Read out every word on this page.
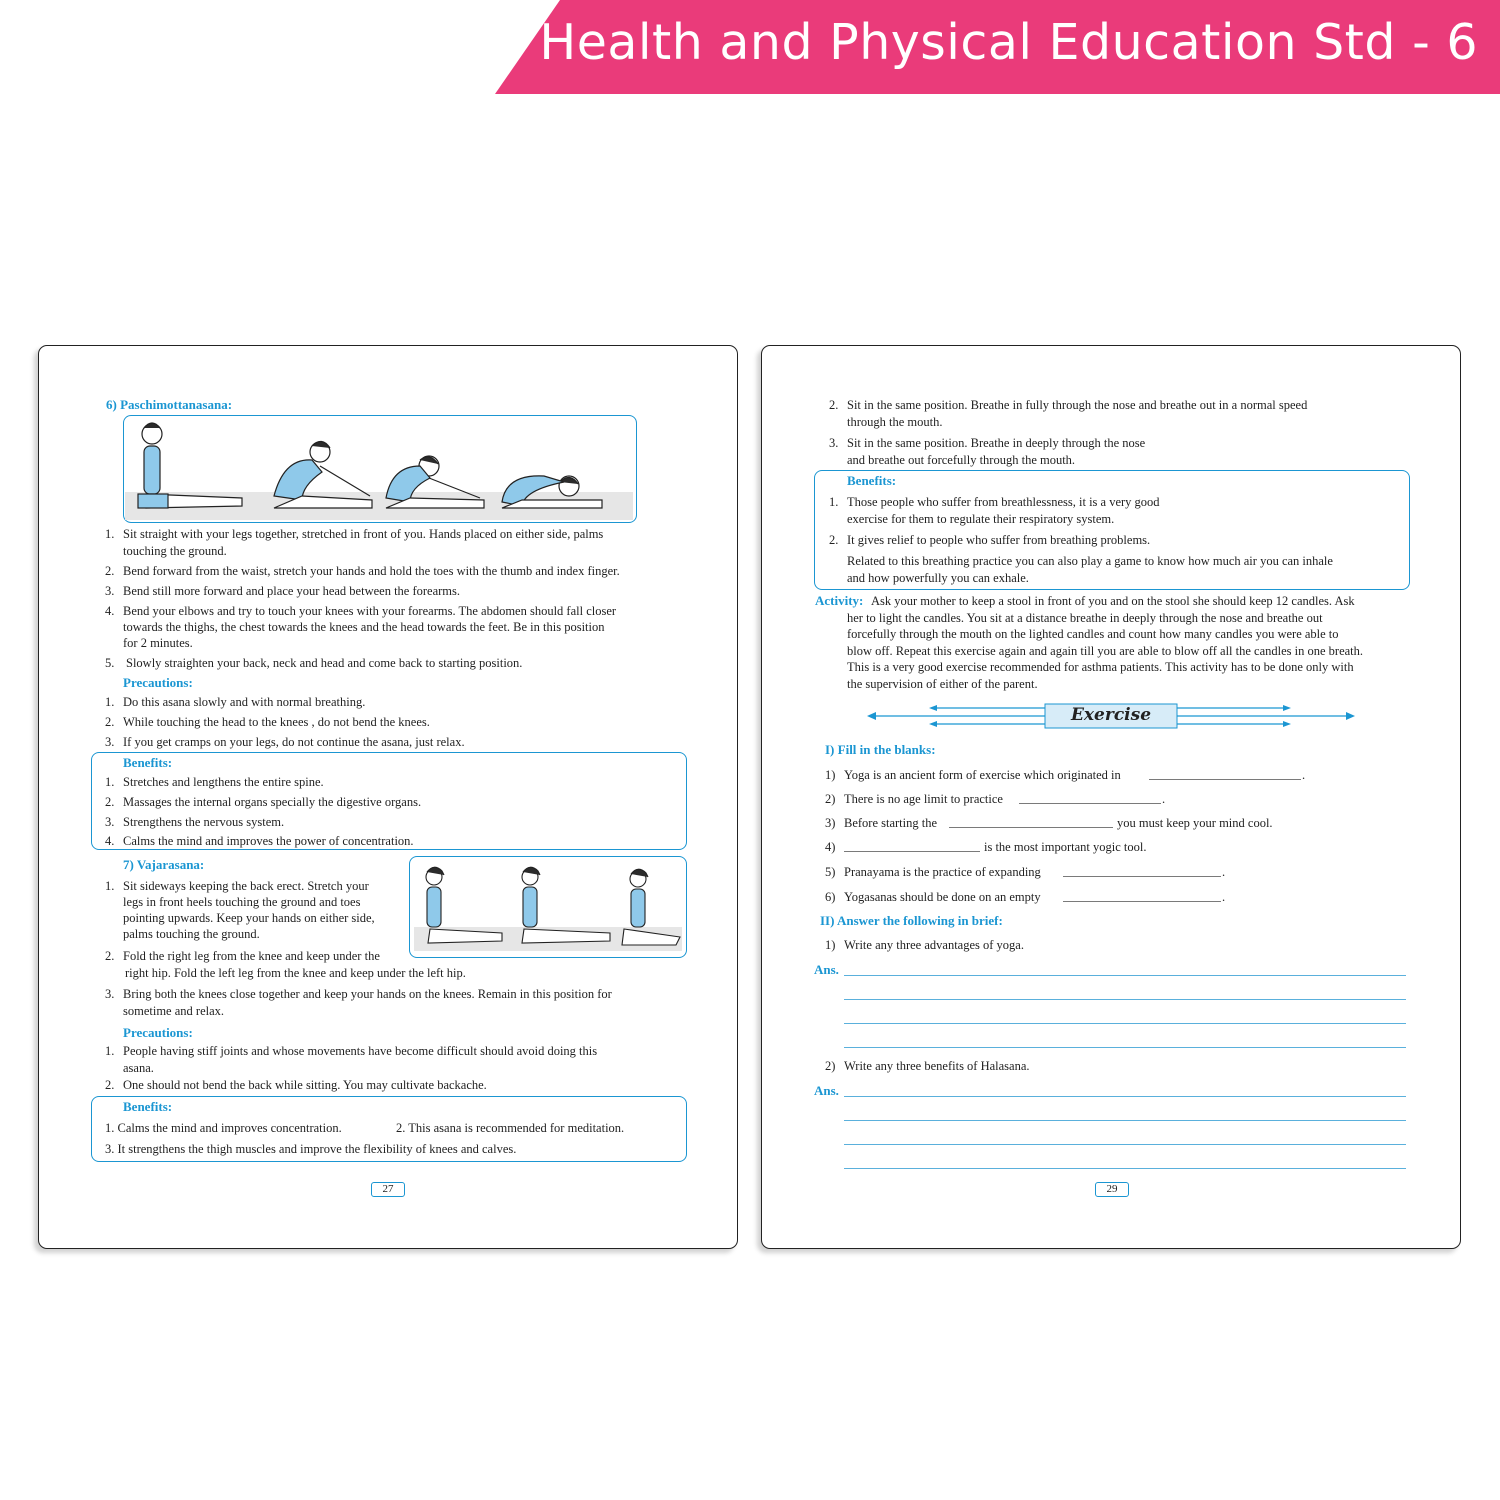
Health and Physical Education Std - 6
6) Paschimottanasana:
1. Sit straight with your legs together, stretched in front of you. Hands placed on either side, palms
touching the ground.
2. Bend forward from the waist, stretch your hands and hold the toes with the thumb and index finger.
3. Bend still more forward and place your head between the forearms.
4. Bend your elbows and try to touch your knees with your forearms. The abdomen should fall closer
towards the thighs, the chest towards the knees and the head towards the feet. Be in this position
for 2 minutes.
5. Slowly straighten your back, neck and head and come back to starting position.
Precautions:
1. Do this asana slowly and with normal breathing.
2. While touching the head to the knees , do not bend the knees.
3. If you get cramps on your legs, do not continue the asana, just relax.
Benefits:
1. Stretches and lengthens the entire spine.
2. Massages the internal organs specially the digestive organs.
3. Strengthens the nervous system.
4. Calms the mind and improves the power of concentration.
7) Vajarasana:
1. Sit sideways keeping the back erect. Stretch your
legs in front heels touching the ground and toes
pointing upwards. Keep your hands on either side,
palms touching the ground.
2. Fold the right leg from the knee and keep under the
right hip. Fold the left leg from the knee and keep under the left hip.
3. Bring both the knees close together and keep your hands on the knees. Remain in this position for
sometime and relax.
Precautions:
1. People having stiff joints and whose movements have become difficult should avoid doing this
asana.
2. One should not bend the back while sitting. You may cultivate backache.
Benefits:
1. Calms the mind and improves concentration.	2. This asana is recommended for meditation.
3. It strengthens the thigh muscles and improve the flexibility of knees and calves.
27
2. Sit in the same position. Breathe in fully through the nose and breathe out in a normal speed
through the mouth.
3. Sit in the same position. Breathe in deeply through the nose
and breathe out forcefully through the mouth.
Benefits:
1. Those people who suffer from breathlessness, it is a very good
exercise for them to regulate their respiratory system.
2. It gives relief to people who suffer from breathing problems.
Related to this breathing practice you can also play a game to know how much air you can inhale
and how powerfully you can exhale.
Activity: Ask your mother to keep a stool in front of you and on the stool she should keep 12 candles. Ask
her to light the candles. You sit at a distance breathe in deeply through the nose and breathe out
forcefully through the mouth on the lighted candles and count how many candles you were able to
blow off. Repeat this exercise again and again till you are able to blow off all the candles in one breath.
This is a very good exercise recommended for asthma patients. This activity has to be done only with
the supervision of either of the parent.
Exercise
I) Fill in the blanks:
1) Yoga is an ancient form of exercise which originated in	.
2) There is no age limit to practice	.
3) Before starting the	you must keep your mind cool.
4)	is the most important yogic tool.
5) Pranayama is the practice of expanding	.
6) Yogasanas should be done on an empty	.
II) Answer the following in brief:
1) Write any three advantages of yoga.
Ans.
2) Write any three benefits of Halasana.
Ans.
29
